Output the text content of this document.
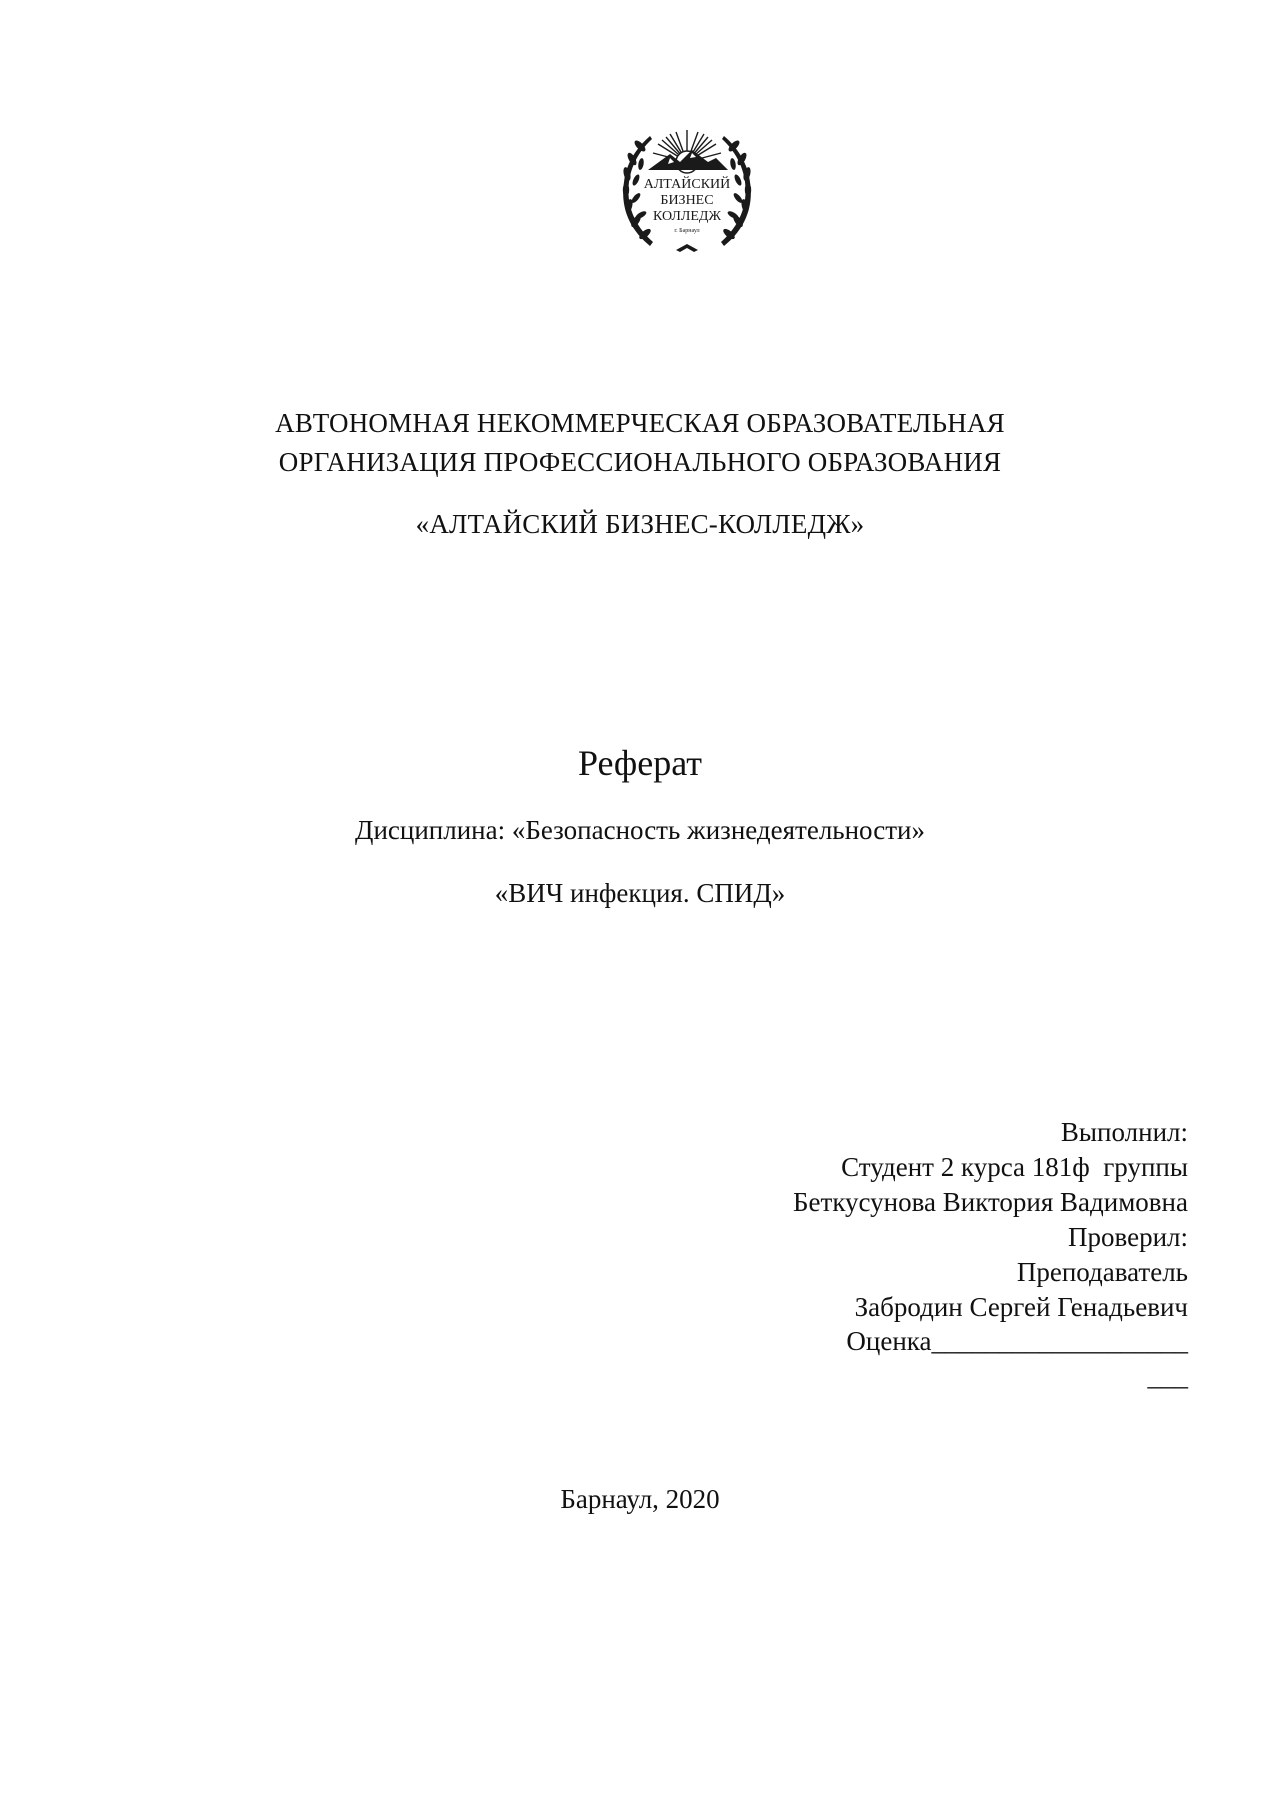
АЛТАЙСКИЙ
БИЗНЕС
КОЛЛЕДЖ
г. Барнаул
АВТОНОМНАЯ НЕКОММЕРЧЕСКАЯ ОБРАЗОВАТЕЛЬНАЯ
ОРГАНИЗАЦИЯ ПРОФЕССИОНАЛЬНОГО ОБРАЗОВАНИЯ
«АЛТАЙСКИЙ БИЗНЕС-КОЛЛЕДЖ»
Реферат
Дисциплина: «Безопасность жизнедеятельности»
«ВИЧ инфекция. СПИД»
Выполнил:
Студент 2 курса 181ф  группы
Беткусунова Виктория Вадимовна
Проверил:
Преподаватель
Забродин Сергей Генадьевич
Оценка___________________
___
Барнаул, 2020
